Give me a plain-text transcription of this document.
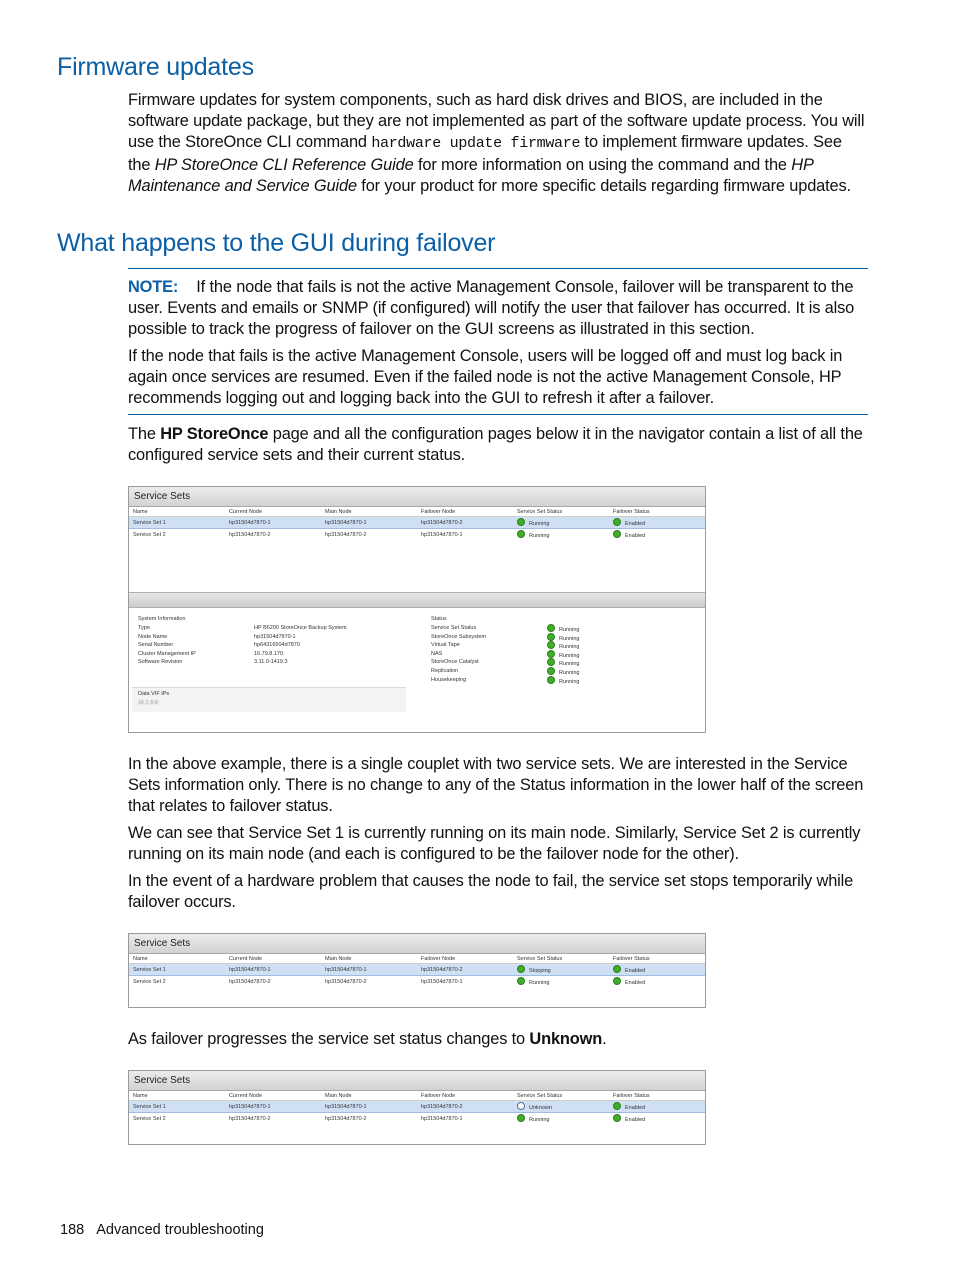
Firmware updates

Firmware updates for system components, such as hard disk drives and BIOS, are included in the software update package, but they are not implemented as part of the software update process. You will use the StoreOnce CLI command hardware update firmware to implement firmware updates. See the HP StoreOnce CLI Reference Guide for more information on using the command and the HP Maintenance and Service Guide for your product for more specific details regarding firmware updates.

What happens to the GUI during failover

NOTE: If the node that fails is not the active Management Console, failover will be transparent to the user. Events and emails or SNMP (if configured) will notify the user that failover has occurred. It is also possible to track the progress of failover on the GUI screens as illustrated in this section.

If the node that fails is the active Management Console, users will be logged off and must log back in again once services are resumed. Even if the failed node is not the active Management Console, HP recommends logging out and logging back into the GUI to refresh it after a failover.

The HP StoreOnce page and all the configuration pages below it in the navigator contain a list of all the configured service sets and their current status.

Service Sets
Name	Current Node	Main Node	Failover Node	Service Set Status	Failover Status
Service Set 1	hp31504d7870-1	hp31504d7870-1	hp31504d7870-2	Running	Enabled
Service Set 2	hp31504d7870-2	hp31504d7870-2	hp31504d7870-1	Running	Enabled
System Information
Type	HP B6200 StoreOnce Backup System
Node Name	hp31504d7870-1
Serial Number	hp64316504d7870
Cluster Management IP	16.79.8.170
Software Revision	3.11.0-1419.3
Status
Service Set Status	Running
StoreOnce Subsystem	Running
Virtual Tape	Running
NAS	Running
StoreOnce Catalyst	Running
Replication	Running
Housekeeping	Running
Data VIF IPs
16.1.9.8

In the above example, there is a single couplet with two service sets. We are interested in the Service Sets information only. There is no change to any of the Status information in the lower half of the screen that relates to failover status.

We can see that Service Set 1 is currently running on its main node. Similarly, Service Set 2 is currently running on its main node (and each is configured to be the failover node for the other).

In the event of a hardware problem that causes the node to fail, the service set stops temporarily while failover occurs.

Service Sets
Name	Current Node	Main Node	Failover Node	Service Set Status	Failover Status
Service Set 1	hp31504d7870-1	hp31504d7870-1	hp31504d7870-2	Stopping	Enabled
Service Set 2	hp31504d7870-2	hp31504d7870-2	hp31504d7870-1	Running	Enabled

As failover progresses the service set status changes to Unknown.

Service Sets
Name	Current Node	Main Node	Failover Node	Service Set Status	Failover Status
Service Set 1	hp31504d7870-1	hp31504d7870-1	hp31504d7870-2	Unknown	Enabled
Service Set 2	hp31504d7870-2	hp31504d7870-2	hp31504d7870-1	Running	Enabled
188 Advanced troubleshooting
